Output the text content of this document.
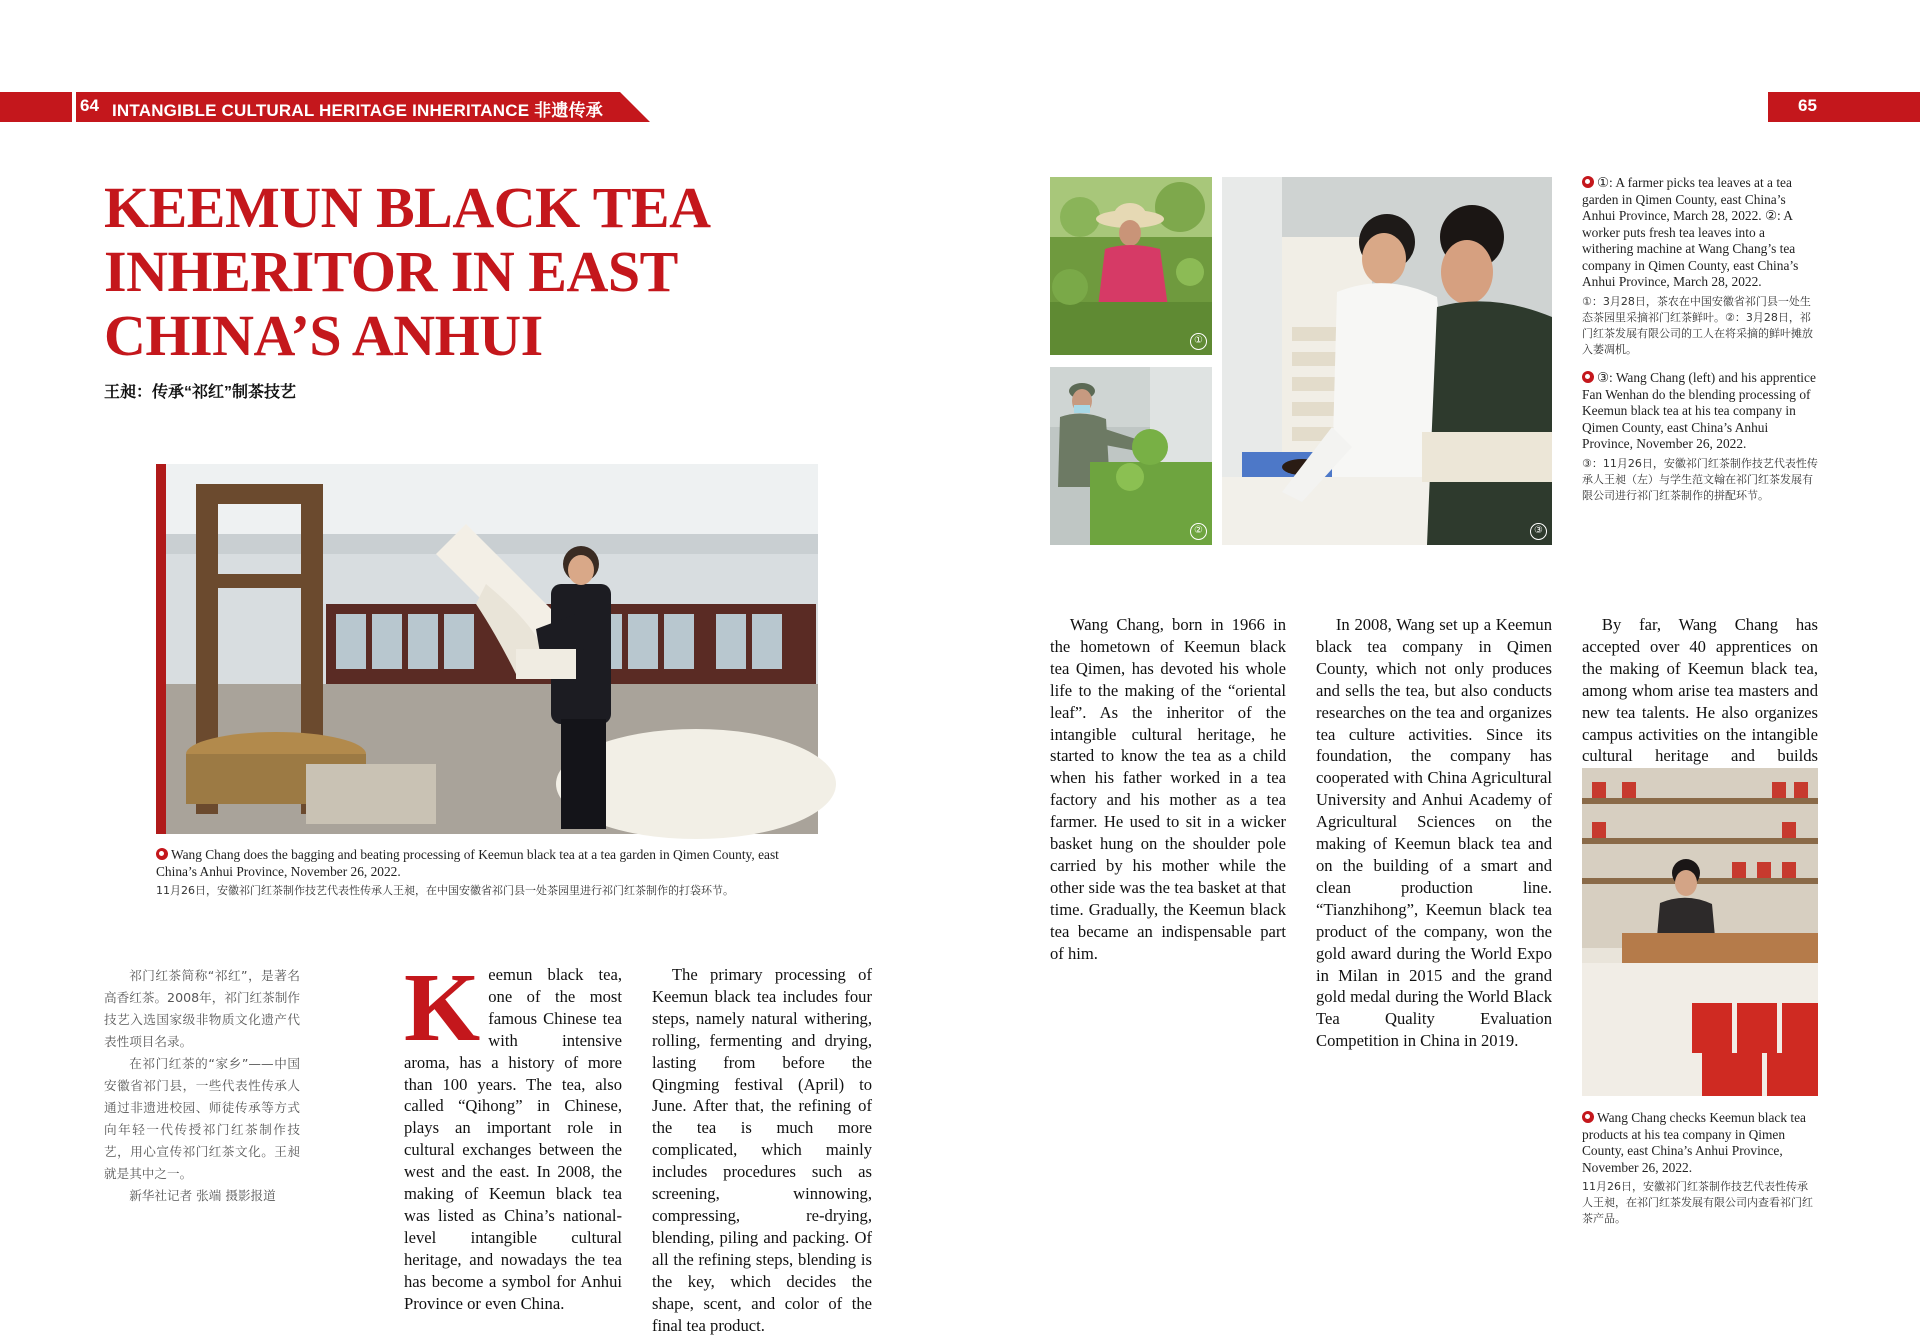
64 INTANGIBLE CULTURAL HERITAGE INHERITANCE 非遗传承	65
KEEMUN BLACK TEA
INHERITOR IN EAST
CHINA’S ANHUI
王昶：传承“祁红”制茶技艺
Wang Chang does the bagging and beating processing of Keemun black tea at a tea garden in Qimen County, east China’s Anhui Province, November 26, 2022.
11月26日，安徽祁门红茶制作技艺代表性传承人王昶，在中国安徽省祁门县一处茶园里进行祁门红茶制作的打袋环节。

祁门红茶简称“祁红”，是著名高香红茶。2008年，祁门红茶制作技艺入选国家级非物质文化遗产代表性项目名录。

在祁门红茶的“家乡”——中国安徽省祁门县，一些代表性传承人通过非遗进校园、师徒传承等方式向年轻一代传授祁门红茶制作技艺，用心宣传祁门红茶文化。王昶就是其中之一。

新华社记者 张端 摄影报道

K eemun black tea, one of the most famous Chinese tea with intensive aroma, has a history of more than 100 years. The tea, also called “Qihong” in Chinese, plays an important role in cultural exchanges between the west and the east. In 2008, the making of Keemun black tea was listed as China’s national-level intangible cultural heritage, and nowadays the tea has become a symbol for Anhui Province or even China.

The primary processing of Keemun black tea includes four steps, namely natural withering, rolling, fermenting and drying, lasting from before the Qingming festival (April) to June. After that, the refining of the tea is much more complicated, which mainly includes procedures such as screening, winnowing, compressing, re-drying, blending, piling and packing. Of all the refining steps, blending is the key, which decides the shape, scent, and color of the final tea product.

①
②	③
①: A farmer picks tea leaves at a tea garden in Qimen County, east China’s Anhui Province, March 28, 2022. ②: A worker puts fresh tea leaves into a withering machine at Wang Chang’s tea company in Qimen County, east China’s Anhui Province, March 28, 2022.
①：3月28日，茶农在中国安徽省祁门县一处生态茶园里采摘祁门红茶鲜叶。②：3月28日，祁门红茶发展有限公司的工人在将采摘的鲜叶摊放入萎凋机。
③: Wang Chang (left) and his apprentice Fan Wenhan do the blending processing of Keemun black tea at his tea company in Qimen County, east China’s Anhui Province, November 26, 2022.
③：11月26日，安徽祁门红茶制作技艺代表性传承人王昶（左）与学生范文翰在祁门红茶发展有限公司进行祁门红茶制作的拼配环节。

Wang Chang, born in 1966 in the hometown of Keemun black tea Qimen, has devoted his whole life to the making of the “oriental leaf”. As the inheritor of the intangible cultural heritage, he started to know the tea as a child when his father worked in a tea factory and his mother as a tea farmer. He used to sit in a wicker basket hung on the shoulder pole carried by his mother while the other side was the tea basket at that time. Gradually, the Keemun black tea became an indispensable part of him.

In 2008, Wang set up a Keemun black tea company in Qimen County, which not only produces and sells the tea, but also conducts researches on the tea and organizes tea culture activities. Since its foundation, the company has cooperated with China Agricultural University and Anhui Academy of Agricultural Sciences on the making of Keemun black tea and on the building of a smart and clean production line. “Tianzhihong”, Keemun black tea product of the company, won the gold award during the World Expo in Milan in 2015 and the grand gold medal during the World Black Tea Quality Evaluation Competition in China in 2019.

By far, Wang Chang has accepted over 40 apprentices on the making of Keemun black tea, among whom arise tea masters and new tea talents. He also organizes campus activities on the intangible cultural heritage and builds

Wang Chang checks Keemun black tea products at his tea company in Qimen County, east China’s Anhui Province, November 26, 2022.
11月26日，安徽祁门红茶制作技艺代表性传承人王昶，在祁门红茶发展有限公司内查看祁门红茶产品。
